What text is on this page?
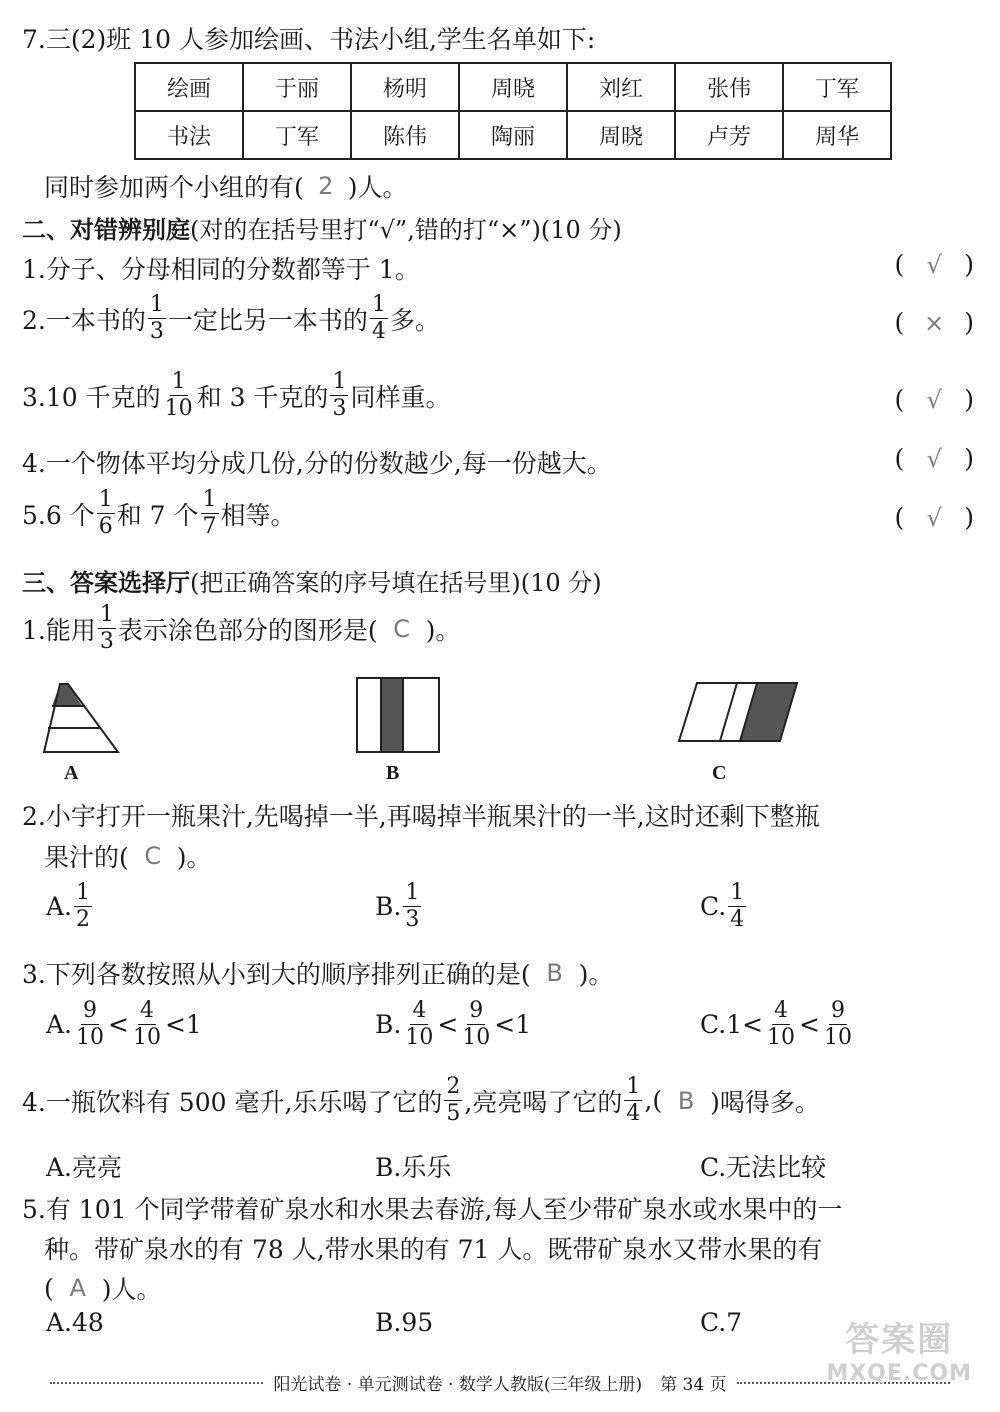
7.三(2)班 10 人参加绘画、书法小组,学生名单如下:
绘画	于丽	杨明	周晓	刘红	张伟	丁军
书法	丁军	陈伟	陶丽	周晓	卢芳	周华
同时参加两个小组的有( 2 )人。
二、对错辨别庭(对的在括号里打“√”,错的打“×”)(10 分)
1.分子、分母相同的分数都等于 1。	( √ )
2.一本书的 $\frac{1}{3}$ 一定比另一本书的 $\frac{1}{4}$ 多。	( × )
3.10 千克的 $\frac{1}{10}$ 和 3 千克的 $\frac{1}{3}$ 同样重。	( √ )
4.一个物体平均分成几份,分的份数越少,每一份越大。	( √ )
5.6 个 $\frac{1}{6}$ 和 7 个 $\frac{1}{7}$ 相等。	( √ )
三、答案选择厅(把正确答案的序号填在括号里)(10 分)
1.能用 $\frac{1}{3}$ 表示涂色部分的图形是( C )。
A	B	C
2.小宇打开一瓶果汁,先喝掉一半,再喝掉半瓶果汁的一半,这时还剩下整瓶
果汁的( C )。
A. $\frac{1}{2}$	B. $\frac{1}{3}$	C. $\frac{1}{4}$
3.下列各数按照从小到大的顺序排列正确的是( B )。
A. $\frac{9}{10} < \frac{4}{10} < 1$	B. $\frac{4}{10} < \frac{9}{10} < 1$	C. $1 < \frac{4}{10} < \frac{9}{10}$
4.一瓶饮料有 500 毫升,乐乐喝了它的 $\frac{2}{5}$ ,亮亮喝了它的 $\frac{1}{4}$ ,( B )喝得多。
A.亮亮	B.乐乐	C.无法比较
5.有 101 个同学带着矿泉水和水果去春游,每人至少带矿泉水或水果中的一
种。带矿泉水的有 78 人,带水果的有 71 人。既带矿泉水又带水果的有
( A )人。
A.48	B.95	C.7
阳光试卷 · 单元测试卷 · 数学人教版(三年级上册) 第 34 页
答案圈
MXQE.COM
